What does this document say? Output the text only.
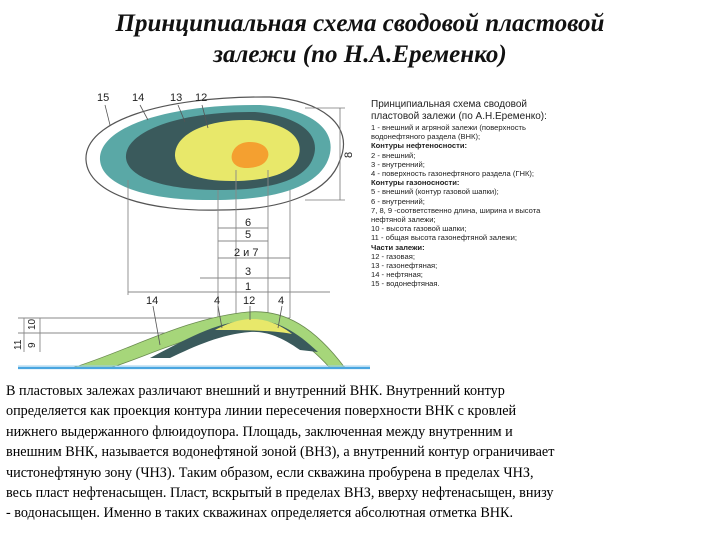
Принципиальная схема сводовой пластовой
залежи (по Н.А.Еременко)
15 14 13 12
8
6
5
2 и 7
3
1
14	4 12 4
11 9
10
Принципиальная схема сводовой
пластовой залежи (по А.Н.Еременко):
1 - внешний и агряной залежи (поверхность
водонефтяного раздела (ВНК);
Контуры нефтеносности:
2 - внешний;
3 - внутренний;
4 - поверхность газонефтяного раздела (ГНК);
Контуры газоносности:
5 - внешний (контур газовой шапки);
6 - внутренний;
7, 8, 9 -соответственно длина, ширина и высота
нефтяной залежи;
10 - высота газовой шапки;
11 - общая высота газонефтяной залежи;
Части залежи:
12 - газовая;
13 - газонефтяная;
14 - нефтяная;
15 - водонефтяная.

В пластовых залежах различают внешний и внутренний ВНК. Внутренний контур
определяется как проекция контура линии пересечения поверхности ВНК с кровлей
нижнего выдержанного флюидоупора. Площадь, заключенная между внутренним и
внешним ВНК, называется водонефтяной зоной (ВНЗ), а внутренний контур ограничивает
чистонефтяную зону (ЧНЗ). Таким образом, если скважина пробурена в пределах ЧНЗ,
весь пласт нефтенасыщен. Пласт, вскрытый в пределах ВНЗ, вверху нефтенасыщен, внизу
- водонасыщен. Именно в таких скважинах определяется абсолютная отметка ВНК.
